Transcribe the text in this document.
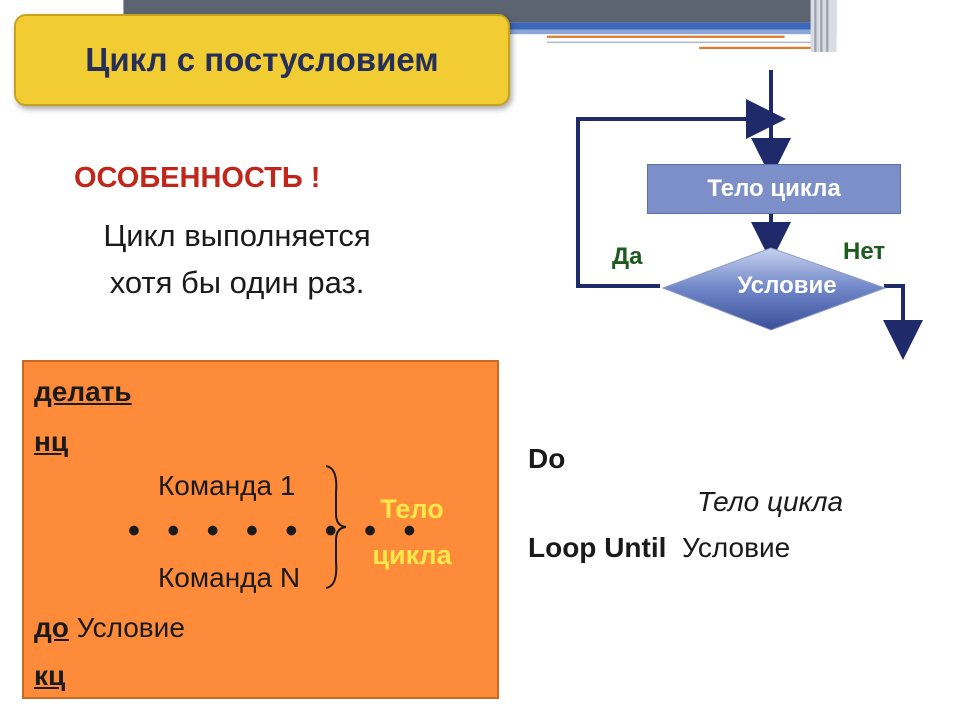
Цикл с постусловием
ОСОБЕННОСТЬ !
Цикл выполняется
хотя бы один раз.
Тело цикла
Условие
Да	Нет
делать
нц
Команда 1
Команда N
до Условие
кц
• • • • • • • •
Тело
цикла
Do
Тело цикла
Loop Until Условие
